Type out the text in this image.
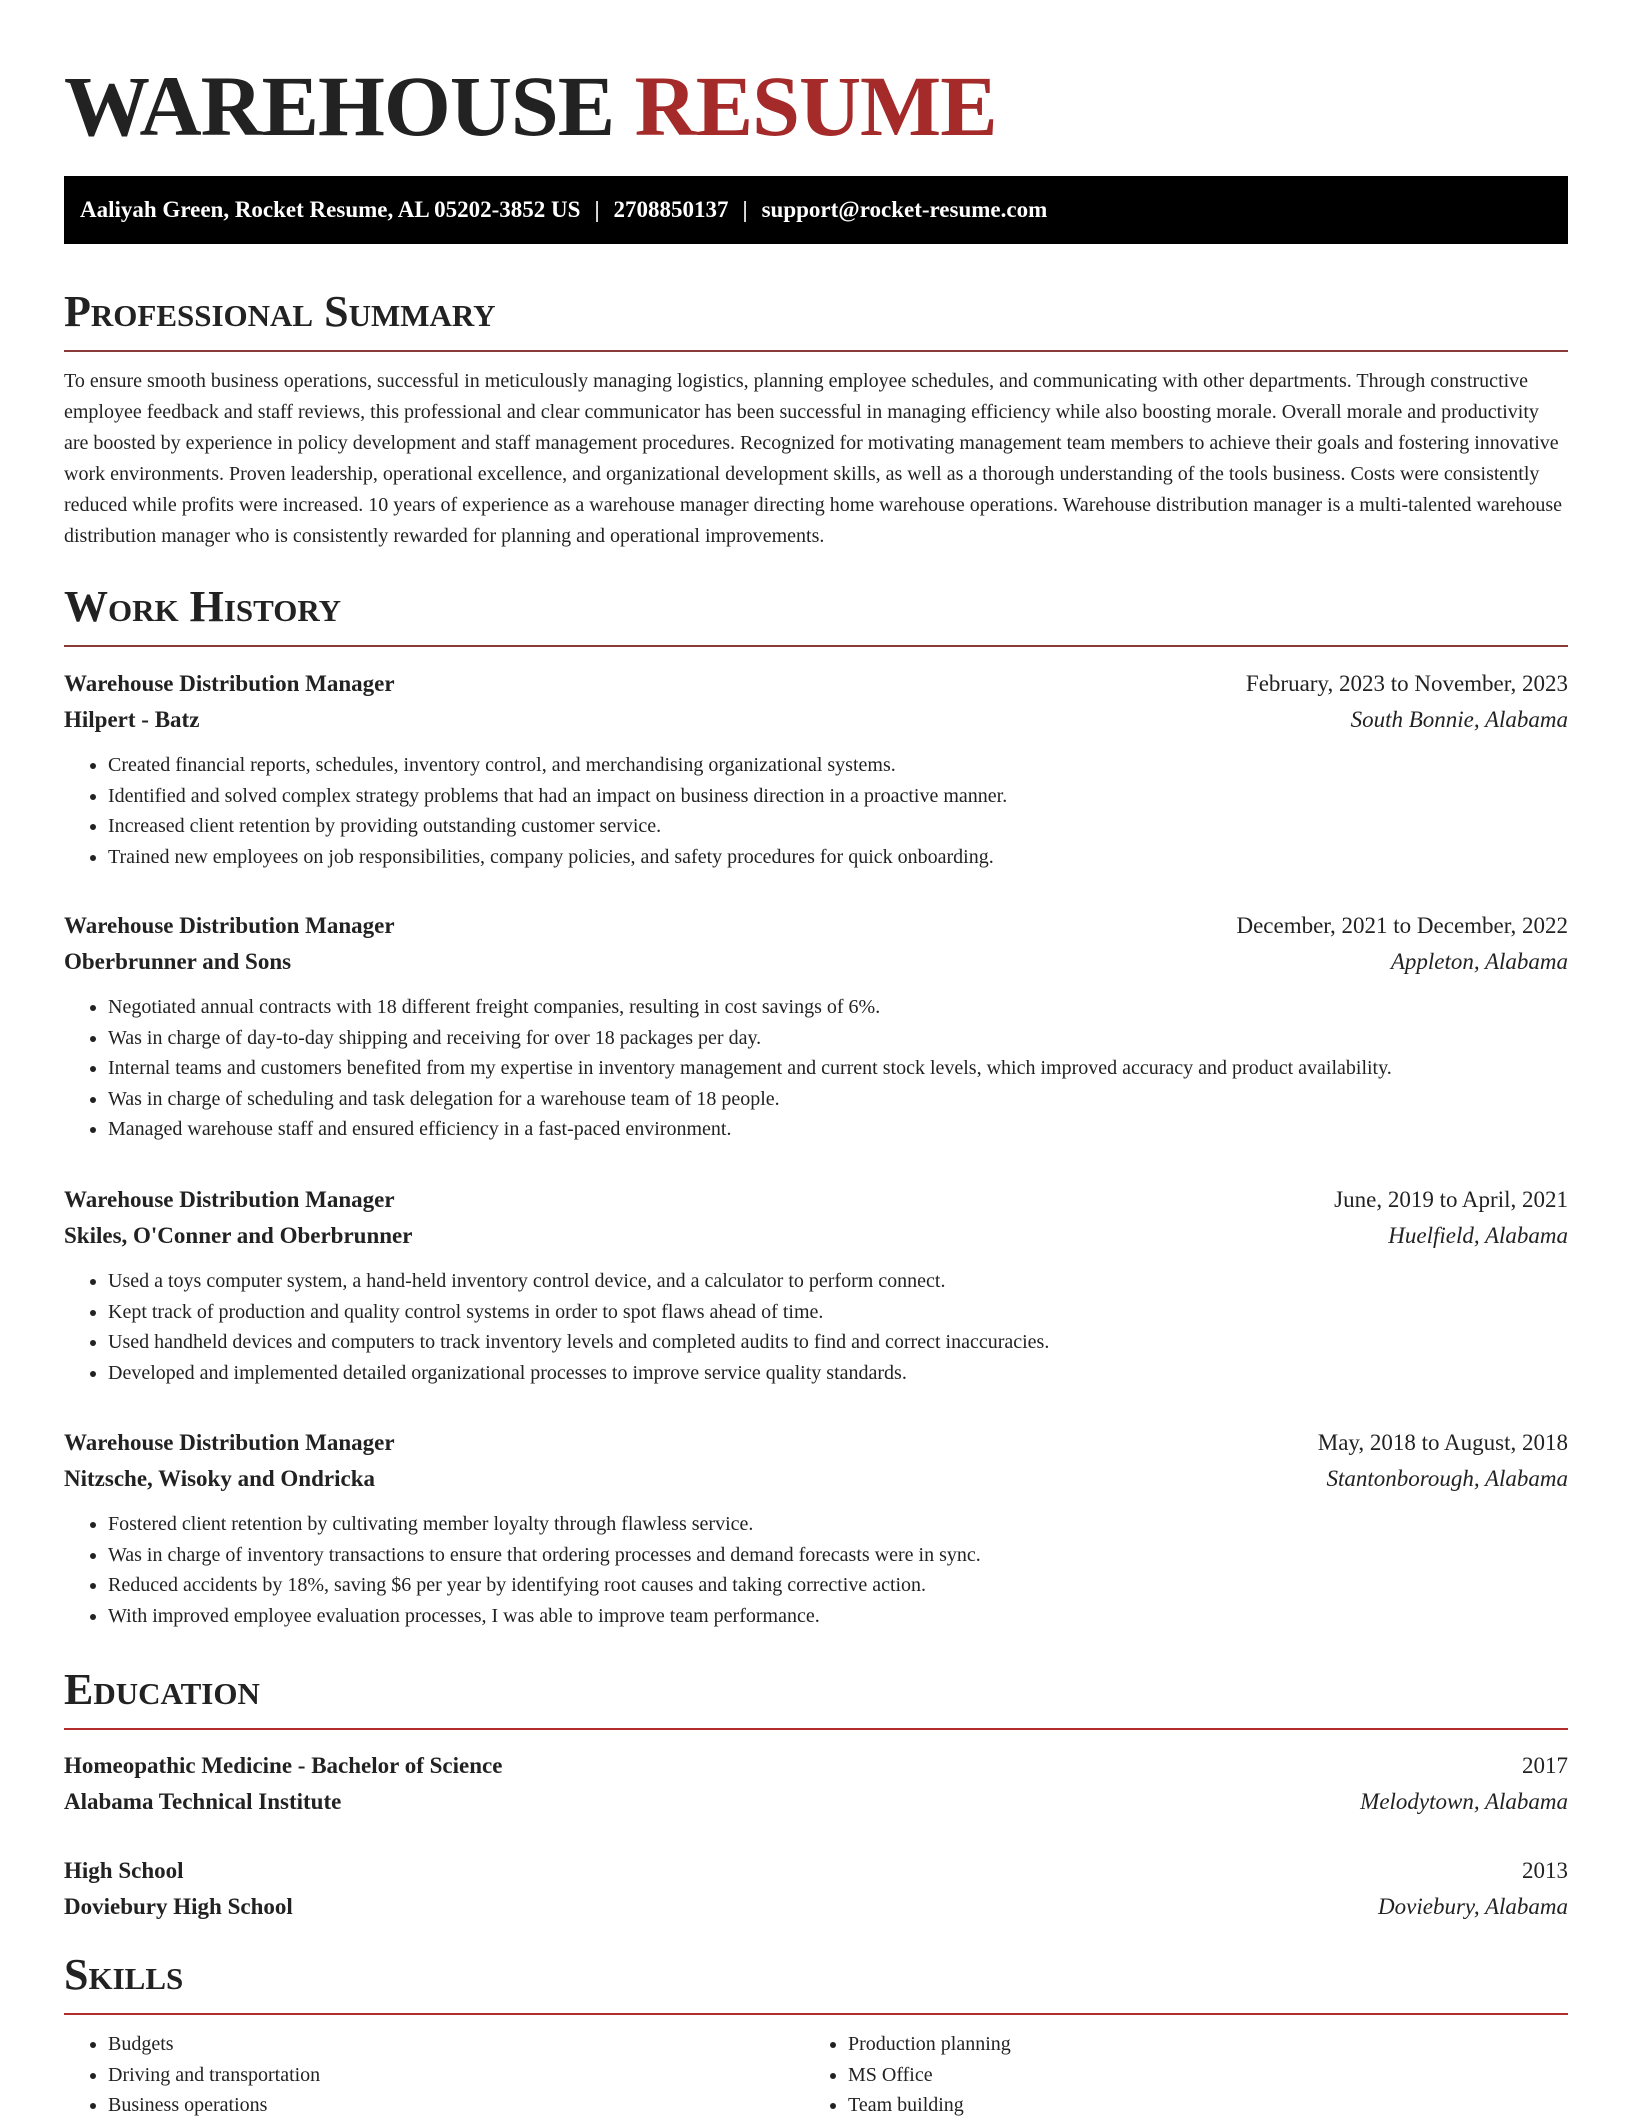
WAREHOUSE RESUME
Aaliyah Green, Rocket Resume, AL 05202-3852 US | 2708850137 | support@rocket-resume.com
Professional Summary

To ensure smooth business operations, successful in meticulously managing logistics, planning employee schedules, and communicating with other departments. Through constructive employee feedback and staff reviews, this professional and clear communicator has been successful in managing efficiency while also boosting morale. Overall morale and productivity are boosted by experience in policy development and staff management procedures. Recognized for motivating management team members to achieve their goals and fostering innovative work environments. Proven leadership, operational excellence, and organizational development skills, as well as a thorough understanding of the tools business. Costs were consistently reduced while profits were increased. 10 years of experience as a warehouse manager directing home warehouse operations. Warehouse distribution manager is a multi-talented warehouse distribution manager who is consistently rewarded for planning and operational improvements.

Work History
Warehouse Distribution Manager	February, 2023 to November, 2023
Hilpert - Batz	South Bonnie, Alabama
• Created financial reports, schedules, inventory control, and merchandising organizational systems.
• Identified and solved complex strategy problems that had an impact on business direction in a proactive manner.
• Increased client retention by providing outstanding customer service.
• Trained new employees on job responsibilities, company policies, and safety procedures for quick onboarding.
Warehouse Distribution Manager	December, 2021 to December, 2022
Oberbrunner and Sons	Appleton, Alabama
• Negotiated annual contracts with 18 different freight companies, resulting in cost savings of 6%.
• Was in charge of day-to-day shipping and receiving for over 18 packages per day.
• Internal teams and customers benefited from my expertise in inventory management and current stock levels, which improved accuracy and product availability.
• Was in charge of scheduling and task delegation for a warehouse team of 18 people.
• Managed warehouse staff and ensured efficiency in a fast-paced environment.
Warehouse Distribution Manager	June, 2019 to April, 2021
Skiles, O'Conner and Oberbrunner	Huelfield, Alabama
• Used a toys computer system, a hand-held inventory control device, and a calculator to perform connect.
• Kept track of production and quality control systems in order to spot flaws ahead of time.
• Used handheld devices and computers to track inventory levels and completed audits to find and correct inaccuracies.
• Developed and implemented detailed organizational processes to improve service quality standards.
Warehouse Distribution Manager	May, 2018 to August, 2018
Nitzsche, Wisoky and Ondricka	Stantonborough, Alabama
• Fostered client retention by cultivating member loyalty through flawless service.
• Was in charge of inventory transactions to ensure that ordering processes and demand forecasts were in sync.
• Reduced accidents by 18%, saving $6 per year by identifying root causes and taking corrective action.
• With improved employee evaluation processes, I was able to improve team performance.
Education
Homeopathic Medicine - Bachelor of Science	2017
Alabama Technical Institute	Melodytown, Alabama
High School	2013
Doviebury High School	Doviebury, Alabama
Skills
• Budgets
• Driving and transportation
• Business operations
• Production planning
• MS Office
• Team building
